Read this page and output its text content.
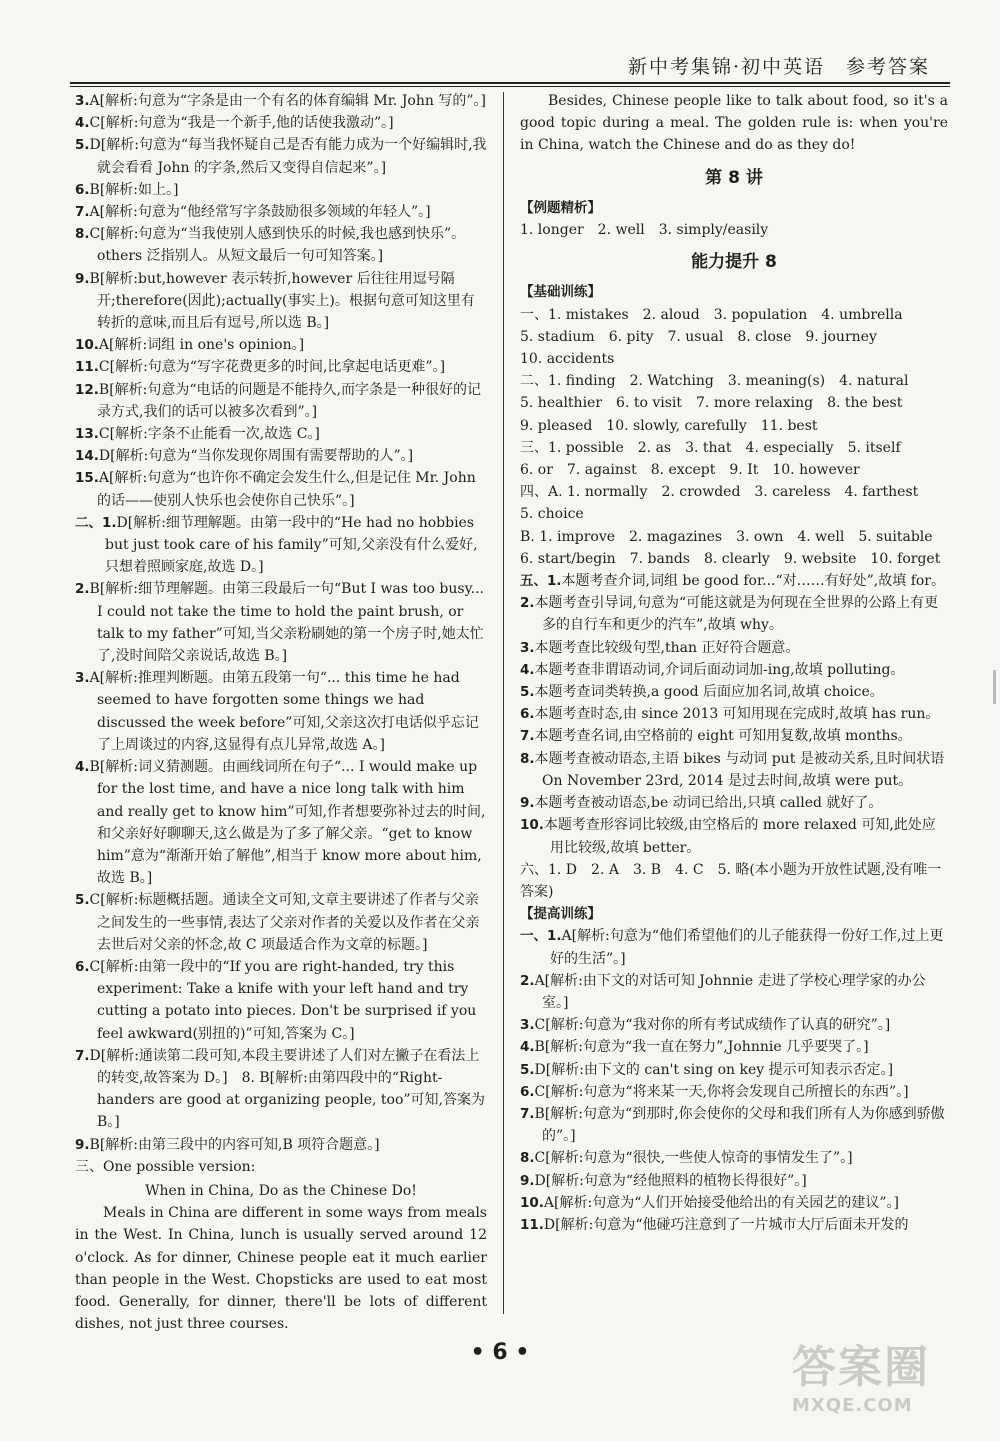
新中考集锦·初中英语　参考答案
3.A[解析:句意为“字条是由一个有名的体育编辑 Mr. John 写的”。]
4.C[解析:句意为“我是一个新手,他的话使我激动”。]
5.D[解析:句意为“每当我怀疑自己是否有能力成为一个好编辑时,我就会看看 John 的字条,然后又变得自信起来”。]
6.B[解析:如上。]
7.A[解析:句意为“他经常写字条鼓励很多领域的年轻人”。]
8.C[解析:句意为“当我使别人感到快乐的时候,我也感到快乐”。others 泛指别人。从短文最后一句可知答案。]
9.B[解析:but,however 表示转折,however 后往往用逗号隔开;therefore(因此);actually(事实上)。根据句意可知这里有转折的意味,而且后有逗号,所以选 B。]
10.A[解析:词组 in one's opinion。]
11.C[解析:句意为“写字花费更多的时间,比拿起电话更难”。]
12.B[解析:句意为“电话的问题是不能持久,而字条是一种很好的记录方式,我们的话可以被多次看到”。]
13.C[解析:字条不止能看一次,故选 C。]
14.D[解析:句意为“当你发现你周围有需要帮助的人”。]
15.A[解析:句意为“也许你不确定会发生什么,但是记住 Mr. John 的话——使别人快乐也会使你自己快乐”。]
二、1.D[解析:细节理解题。由第一段中的“He had no hobbies but just took care of his family”可知,父亲没有什么爱好,只想着照顾家庭,故选 D。]
2.B[解析:细节理解题。由第三段最后一句“But I was too busy... I could not take the time to hold the paint brush, or talk to my father”可知,当父亲粉刷她的第一个房子时,她太忙了,没时间陪父亲说话,故选 B。]
3.A[解析:推理判断题。由第五段第一句“... this time he had seemed to have forgotten some things we had discussed the week before”可知,父亲这次打电话似乎忘记了上周谈过的内容,这显得有点儿异常,故选 A。]
4.B[解析:词义猜测题。由画线词所在句子“... I would make up for the lost time, and have a nice long talk with him and really get to know him”可知,作者想要弥补过去的时间,和父亲好好聊聊天,这么做是为了多了解父亲。“get to know him”意为“渐渐开始了解他”,相当于 know more about him,故选 B。]
5.C[解析:标题概括题。通读全文可知,文章主要讲述了作者与父亲之间发生的一些事情,表达了父亲对作者的关爱以及作者在父亲去世后对父亲的怀念,故 C 项最适合作为文章的标题。]
6.C[解析:由第一段中的“If you are right-handed, try this experiment: Take a knife with your left hand and try cutting a potato into pieces. Don't be surprised if you feel awkward(别扭的)”可知,答案为 C。]
7.D[解析:通读第二段可知,本段主要讲述了人们对左撇子在看法上的转变,故答案为 D。]　8. B[解析:由第四段中的“Right-handers are good at organizing people, too”可知,答案为 B。]
9.B[解析:由第三段中的内容可知,B 项符合题意。]
三、One possible version:
When in China, Do as the Chinese Do!
Meals in China are different in some ways from meals in the West. In China, lunch is usually served around 12 o'clock. As for dinner, Chinese people eat it much earlier than people in the West. Chopsticks are used to eat most food. Generally, for dinner, there'll be lots of different dishes, not just three courses.
Besides, Chinese people like to talk about food, so it's a good topic during a meal. The golden rule is: when you're in China, watch the Chinese and do as they do!
第 8 讲
【例题精析】
1. longer　2. well　3. simply/easily
能力提升 8
【基础训练】
一、1. mistakes　2. aloud　3. population　4. umbrella
5. stadium　6. pity　7. usual　8. close　9. journey
10. accidents
二、1. finding　2. Watching　3. meaning(s)　4. natural
5. healthier　6. to visit　7. more relaxing　8. the best
9. pleased　10. slowly, carefully　11. best
三、1. possible　2. as　3. that　4. especially　5. itself
6. or　7. against　8. except　9. It　10. however
四、A. 1. normally　2. crowded　3. careless　4. farthest
5. choice
B. 1. improve　2. magazines　3. own　4. well　5. suitable
6. start/begin　7. bands　8. clearly　9. website　10. forget
五、1.本题考查介词,词组 be good for...“对……有好处”,故填 for。
2.本题考查引导词,句意为“可能这就是为何现在全世界的公路上有更多的自行车和更少的汽车”,故填 why。
3.本题考查比较级句型,than 正好符合题意。
4.本题考查非谓语动词,介词后面动词加-ing,故填 polluting。
5.本题考查词类转换,a good 后面应加名词,故填 choice。
6.本题考查时态,由 since 2013 可知用现在完成时,故填 has run。
7.本题考查名词,由空格前的 eight 可知用复数,故填 months。
8.本题考查被动语态,主语 bikes 与动词 put 是被动关系,且时间状语 On November 23rd, 2014 是过去时间,故填 were put。
9.本题考查被动语态,be 动词已给出,只填 called 就好了。
10.本题考查形容词比较级,由空格后的 more relaxed 可知,此处应用比较级,故填 better。
六、1. D　2. A　3. B　4. C　5. 略(本小题为开放性试题,没有唯一答案)
【提高训练】
一、1.A[解析:句意为“他们希望他们的儿子能获得一份好工作,过上更好的生活”。]
2.A[解析:由下文的对话可知 Johnnie 走进了学校心理学家的办公室。]
3.C[解析:句意为“我对你的所有考试成绩作了认真的研究”。]
4.B[解析:句意为“我一直在努力”,Johnnie 几乎要哭了。]
5.D[解析:由下文的 can't sing on key 提示可知表示否定。]
6.C[解析:句意为“将来某一天,你将会发现自己所擅长的东西”。]
7.B[解析:句意为“到那时,你会使你的父母和我们所有人为你感到骄傲的”。]
8.C[解析:句意为“很快,一些使人惊奇的事情发生了”。]
9.D[解析:句意为“经他照料的植物长得很好”。]
10.A[解析:句意为“人们开始接受他给出的有关园艺的建议”。]
11.D[解析:句意为“他碰巧注意到了一片城市大厅后面未开发的
• 6 •	答案圈
MXQE.COM
